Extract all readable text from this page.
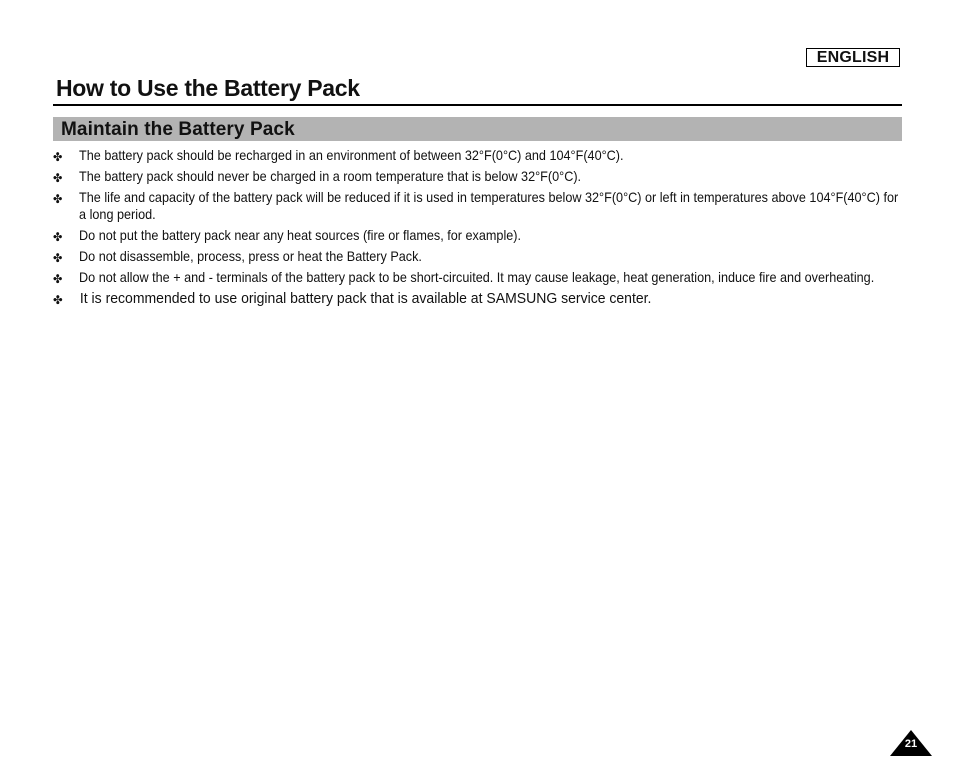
ENGLISH
How to Use the Battery Pack
Maintain the Battery Pack
✤ The battery pack should be recharged in an environment of between 32°F(0°C) and 104°F(40°C).
✤ The battery pack should never be charged in a room temperature that is below 32°F(0°C).
✤ The life and capacity of the battery pack will be reduced if it is used in temperatures below 32°F(0°C) or left in temperatures above 104°F(40°C) for a long period.
✤ Do not put the battery pack near any heat sources (fire or flames, for example).
✤ Do not disassemble, process, press or heat the Battery Pack.
✤ Do not allow the + and - terminals of the battery pack to be short-circuited. It may cause leakage, heat generation, induce fire and overheating.
✤ It is recommended to use original battery pack that is available at SAMSUNG service center.
21
